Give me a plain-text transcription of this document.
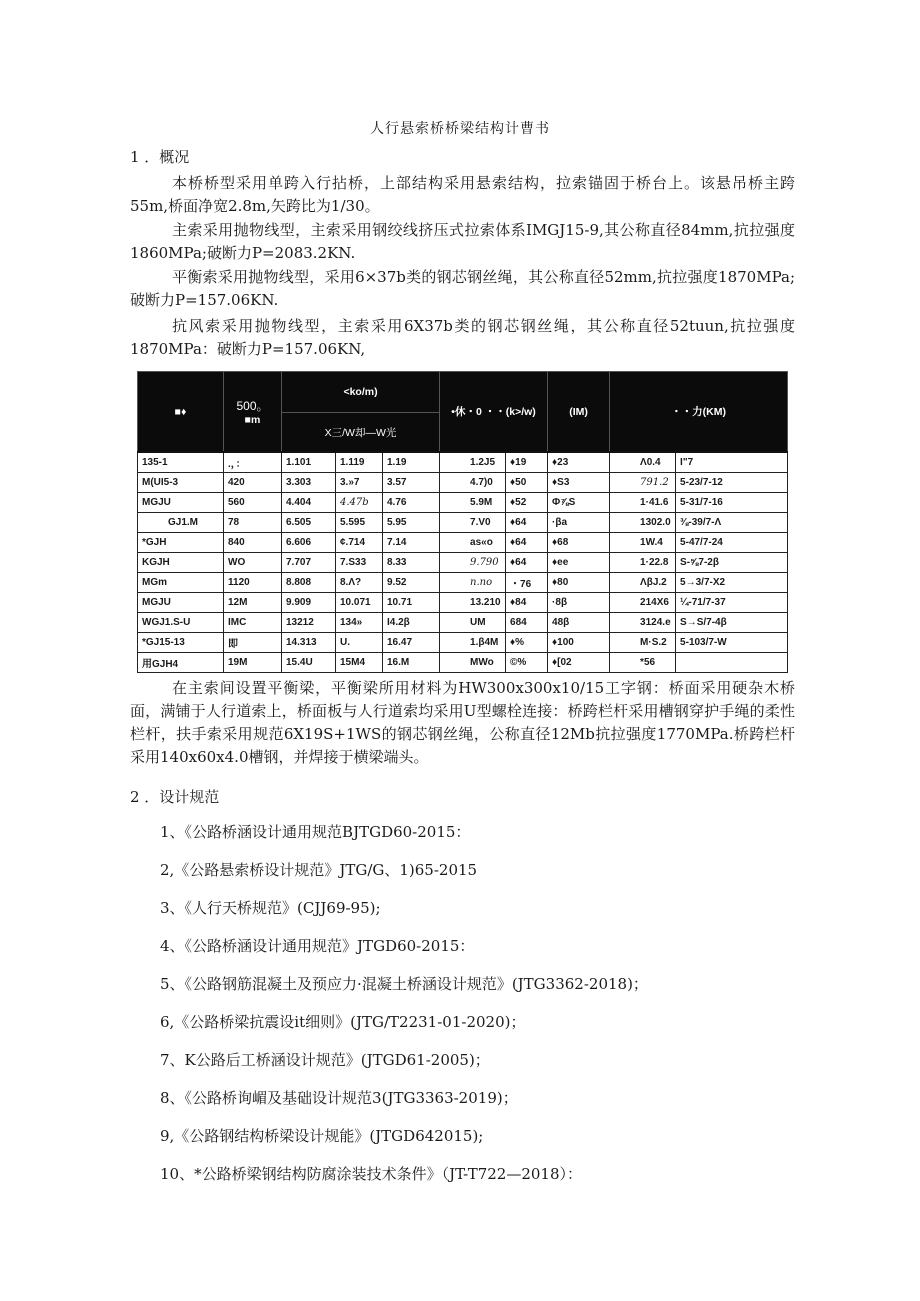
人行悬索桥桥梁结构计曹书
1 ．概况

本桥桥型采用单跨入行拈桥，上部结构采用悬索结构，拉索锚固于桥台上。该悬吊桥主跨55m,桥面净宽2.8m,矢跨比为1/30。

主索采用抛物线型，主索采用钢绞线挤压式拉索体系IMGJ15-9,其公称直径84mm,抗拉强度1860MPa;破断力P=2083.2KN.

平衡索采用抛物线型，采用6×37b类的钢芯钢丝绳，其公称直径52mm,抗拉强度1870MPa;破断力P=157.06KN.

抗风索采用抛物线型，主索采用6X37b类的钢芯钢丝绳，其公称直径52tuun,抗拉强度1870MPa：破断力P=157.06KN,

■♦	500。
■m	<ko/m)			•休・0 ・・(k>/w)		(IM)	・・力(KM)	
		X三/W却—W光							
135-1	.，：	1.101	1.119	1.19	1.2J5	♦19	♦23	Λ0.4	I"7
M(UI5-3	420	3.303	3.»7	3.57	4.7)0	♦50	♦S3	791.2	5-23/7-12
MGJU	560	4.404	4.47b	4.76	5.9M	♦52	Φ⅞S	1·41.6	5-31/7-16
GJ1.M	78	6.505	5.595	5.95	7.V0	♦64	·βa	1302.0	⅜-39/7-Λ
*GJH	840	6.606	¢.714	7.14	as«o	♦64	♦68	1W.4	5-47/7-24
KGJH	WO	7.707	7.S33	8.33	9.790	♦64	♦ee	1·22.8	S-⅝7-2β
MGm	1120	8.808	8.Λ?	9.52	n.no	・76	♦80	ΛβJ.2	5→3/7-X2
MGJU	12M	9.909	10.071	10.71	13.210	♦84	·8β	214X6	¼-71/7-37
WGJ1.S-U	IMC	13212	134»	I4.2β	UM	684	48β	3124.e	S→S/7-4β
*GJ15-13	即	14.313	U.	16.47	1.β4M	♦%	♦100	M·S.2	5-103/7-W
用GJH4	19M	15.4U	15M4	16.M	MWo	©%	♦[02	*56	

在主索间设置平衡梁，平衡梁所用材料为HW300x300x10/15工字钢：桥面采用硬杂木桥面，满铺于人行道索上，桥面板与人行道索均采用U型螺栓连接：桥跨栏杆采用槽钢穿护手绳的柔性栏杆，扶手索采用规范6X19S+1WS的钢芯钢丝绳，公称直径12Mb抗拉强度1770MPa.桥跨栏杆采用140x60x4.0槽钢，并焊接于横梁端头。

2 ．设计规范
1、《公路桥涵设计通用规范BJTGD60-2015：
2,《公路悬索桥设计规范》JTG/G、1)65-2015
3、《人行天桥规范》(CJJ69-95);
4、《公路桥涵设计通用规范》JTGD60-2015：
5、《公路钢筋混凝土及预应力·混凝土桥涵设计规范》(JTG3362-2018)；
6,《公路桥梁抗震设it细则》(JTG/T2231-01-2020)；
7、K公路后工桥涵设计规范》(JTGD61-2005)；
8、《公路桥询嵋及基础设计规范3(JTG3363-2019)；
9,《公路钢结构桥梁设计规能》(JTGD642015);
10、*公路桥梁钢结构防腐涂装技术条件》（JT-T722—2018）：
